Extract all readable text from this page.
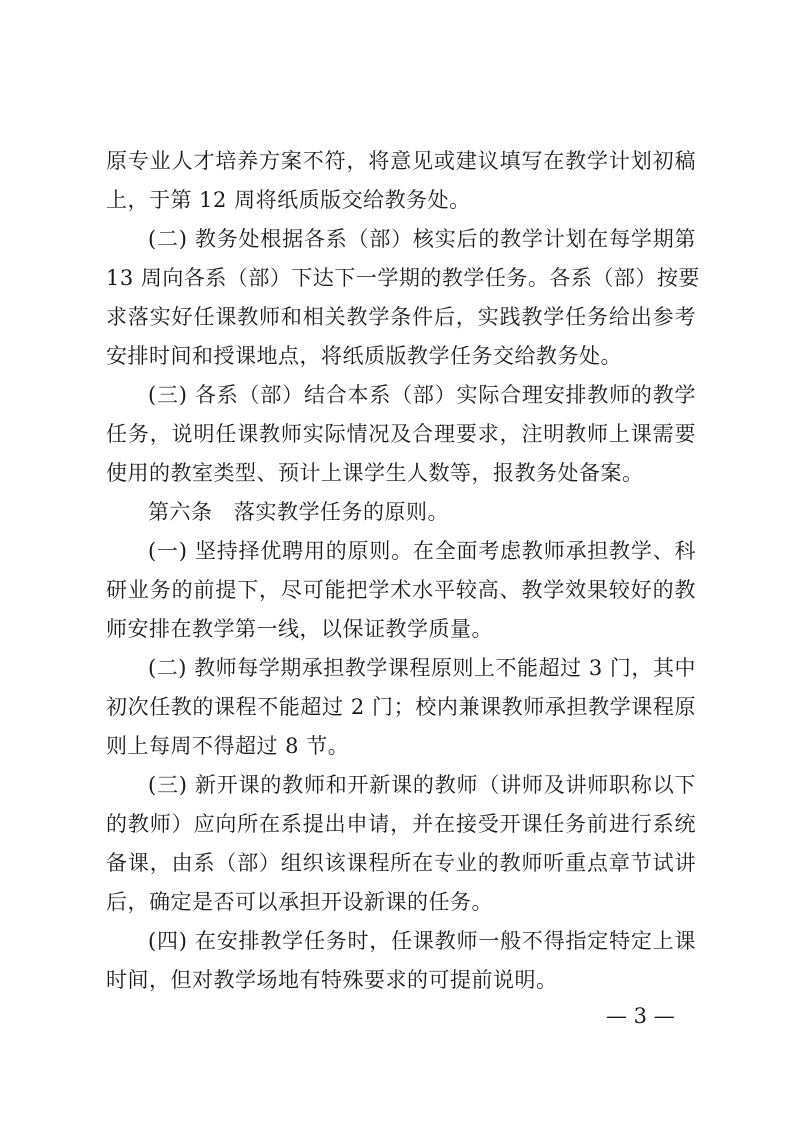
原专业人才培养方案不符，将意见或建议填写在教学计划初稿
上，于第 12 周将纸质版交给教务处。
(二) 教务处根据各系（部）核实后的教学计划在每学期第
13 周向各系（部）下达下一学期的教学任务。各系（部）按要
求落实好任课教师和相关教学条件后，实践教学任务给出参考
安排时间和授课地点，将纸质版教学任务交给教务处。
(三) 各系（部）结合本系（部）实际合理安排教师的教学
任务，说明任课教师实际情况及合理要求，注明教师上课需要
使用的教室类型、预计上课学生人数等，报教务处备案。
第六条　落实教学任务的原则。
(一) 坚持择优聘用的原则。在全面考虑教师承担教学、科
研业务的前提下，尽可能把学术水平较高、教学效果较好的教
师安排在教学第一线，以保证教学质量。
(二) 教师每学期承担教学课程原则上不能超过 3 门，其中
初次任教的课程不能超过 2 门；校内兼课教师承担教学课程原
则上每周不得超过 8 节。
(三) 新开课的教师和开新课的教师（讲师及讲师职称以下
的教师）应向所在系提出申请，并在接受开课任务前进行系统
备课，由系（部）组织该课程所在专业的教师听重点章节试讲
后，确定是否可以承担开设新课的任务。
(四) 在安排教学任务时，任课教师一般不得指定特定上课
时间，但对教学场地有特殊要求的可提前说明。
— 3 —
